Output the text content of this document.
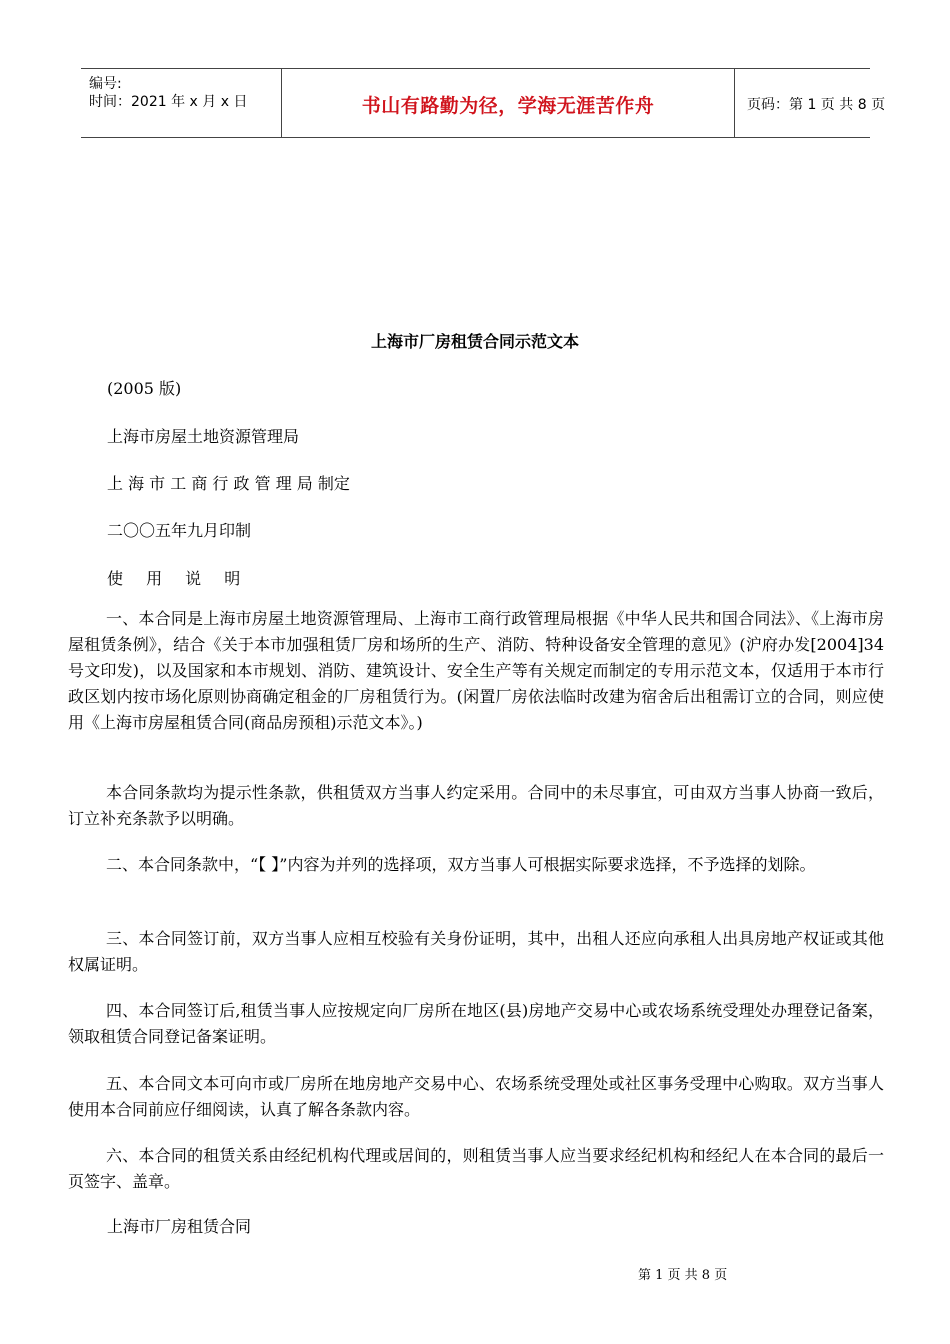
编号:
时间：2021 年 x 月 x 日	书山有路勤为径，学海无涯苦作舟	页码：第 1 页 共 8 页
上海市厂房租赁合同示范文本
(2005 版)
上海市房屋土地资源管理局
上 海 市 工 商 行 政 管 理 局 制定
二〇〇五年九月印制
使 用 说 明
一、本合同是上海市房屋土地资源管理局、上海市工商行政管理局根据《中华人民共和国合同法》、《上海市房屋租赁条例》，结合《关于本市加强租赁厂房和场所的生产、消防、特种设备安全管理的意见》(沪府办发[2004]34 号文印发)，以及国家和本市规划、消防、建筑设计、安全生产等有关规定而制定的专用示范文本，仅适用于本市行政区划内按市场化原则协商确定租金的厂房租赁行为。(闲置厂房依法临时改建为宿舍后出租需订立的合同，则应使用《上海市房屋租赁合同(商品房预租)示范文本》。)
本合同条款均为提示性条款，供租赁双方当事人约定采用。合同中的未尽事宜，可由双方当事人协商一致后，订立补充条款予以明确。
二、本合同条款中，“【 】”内容为并列的选择项，双方当事人可根据实际要求选择，不予选择的划除。
三、本合同签订前，双方当事人应相互校验有关身份证明，其中，出租人还应向承租人出具房地产权证或其他权属证明。
四、本合同签订后,租赁当事人应按规定向厂房所在地区(县)房地产交易中心或农场系统受理处办理登记备案，领取租赁合同登记备案证明。
五、本合同文本可向市或厂房所在地房地产交易中心、农场系统受理处或社区事务受理中心购取。双方当事人使用本合同前应仔细阅读，认真了解各条款内容。
六、本合同的租赁关系由经纪机构代理或居间的，则租赁当事人应当要求经纪机构和经纪人在本合同的最后一页签字、盖章。
上海市厂房租赁合同
第 1 页 共 8 页
